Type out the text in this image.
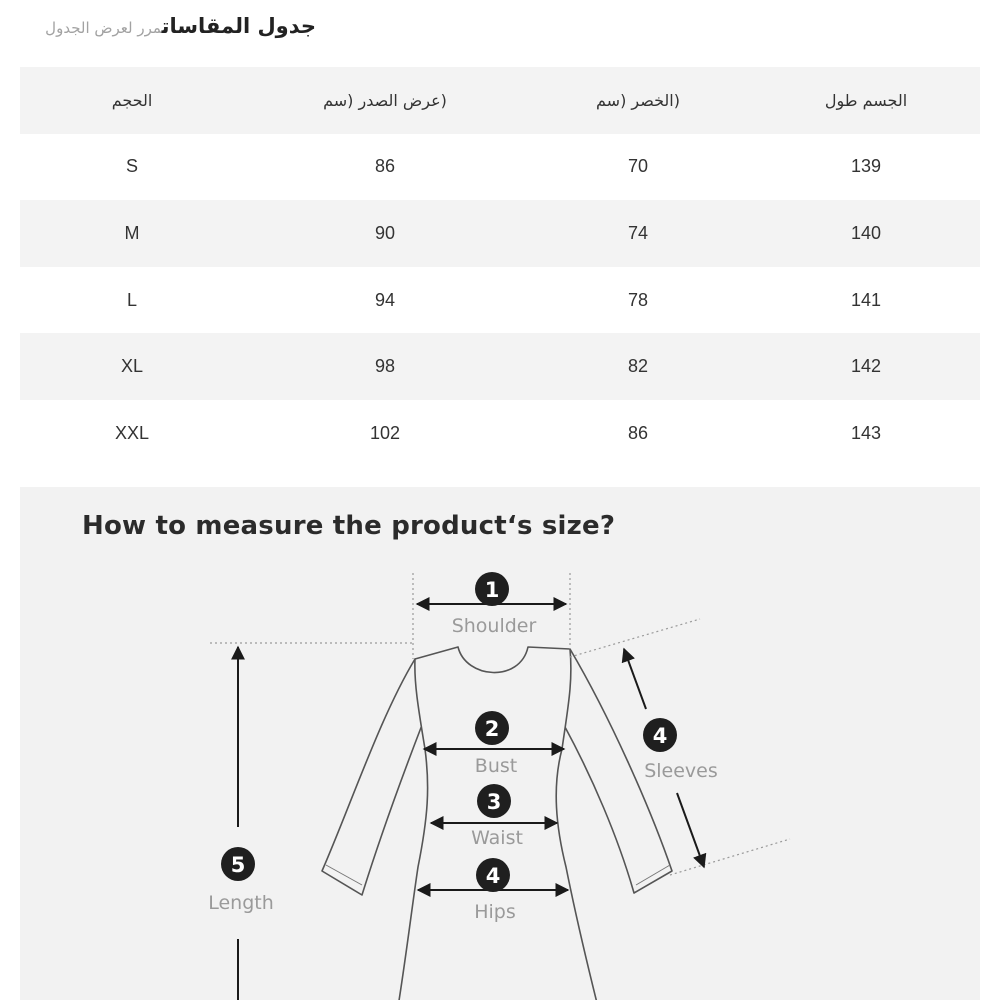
جدول المقاساتمرر لعرض الجدول
الحجم	(عرض الصدر (سم	(الخصر (سم	الجسم طول
S	86	70	139
M	90	74	140
L	94	78	141
XL	98	82	142
XXL	102	86	143
How to measure the product‘s size?
1
Shoulder
2
Bust
3
Waist
4
Sleeves
4
Hips
5
Length
